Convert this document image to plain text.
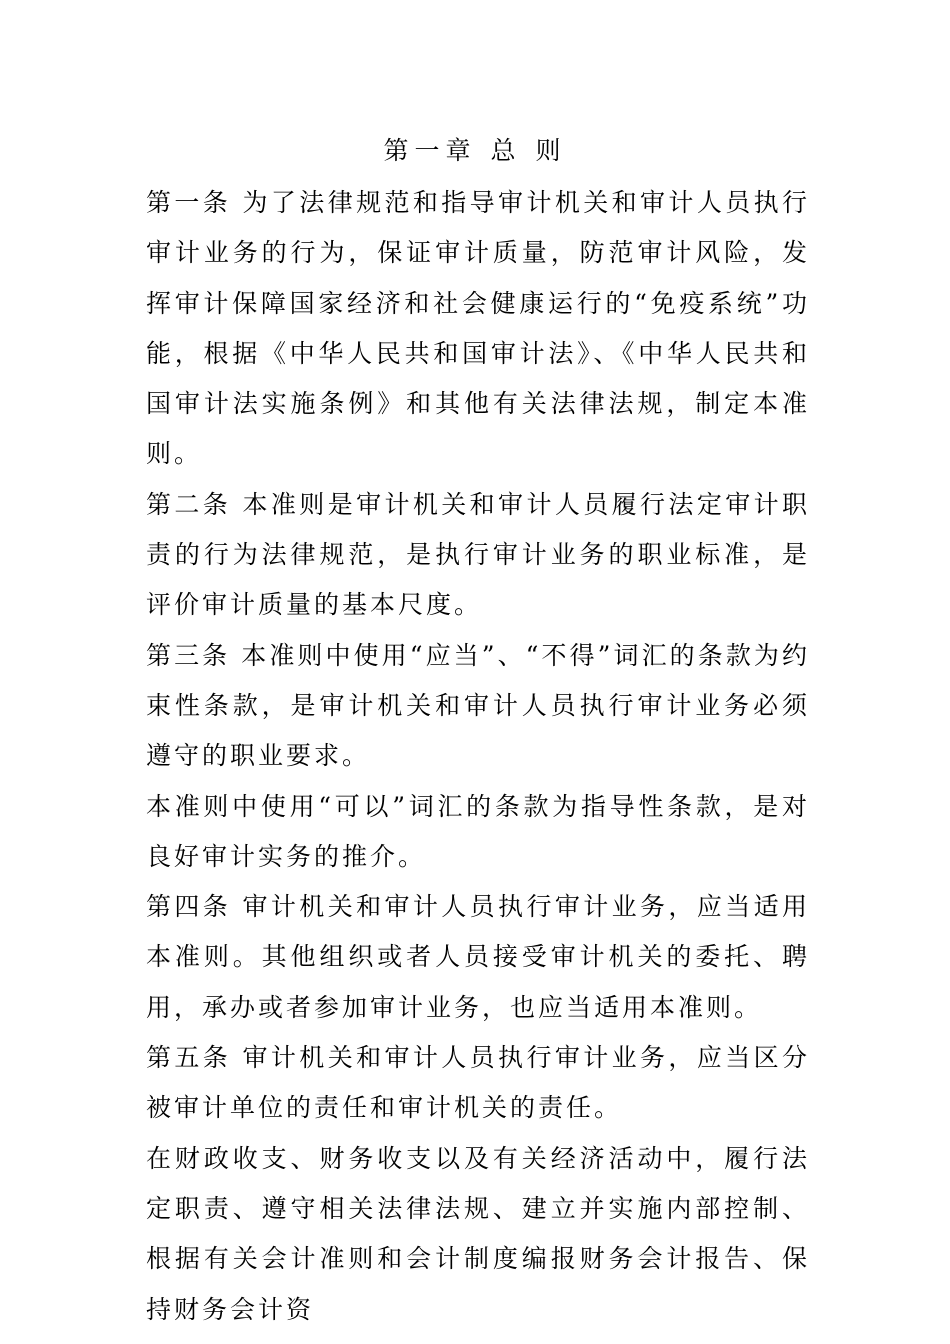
第一章 总 则

第一条 为了法律规范和指导审计机关和审计人员执行审计业务的行为，保证审计质量，防范审计风险，发挥审计保障国家经济和社会健康运行的“免疫系统”功能，根据《中华人民共和国审计法》、《中华人民共和国审计法实施条例》和其他有关法律法规，制定本准则。

第二条 本准则是审计机关和审计人员履行法定审计职责的行为法律规范，是执行审计业务的职业标准，是评价审计质量的基本尺度。

第三条 本准则中使用“应当”、“不得”词汇的条款为约束性条款，是审计机关和审计人员执行审计业务必须遵守的职业要求。

本准则中使用“可以”词汇的条款为指导性条款，是对良好审计实务的推介。

第四条 审计机关和审计人员执行审计业务，应当适用本准则。其他组织或者人员接受审计机关的委托、聘用，承办或者参加审计业务，也应当适用本准则。

第五条 审计机关和审计人员执行审计业务，应当区分被审计单位的责任和审计机关的责任。

在财政收支、财务收支以及有关经济活动中，履行法定职责、遵守相关法律法规、建立并实施内部控制、根据有关会计准则和会计制度编报财务会计报告、保持财务会计资
